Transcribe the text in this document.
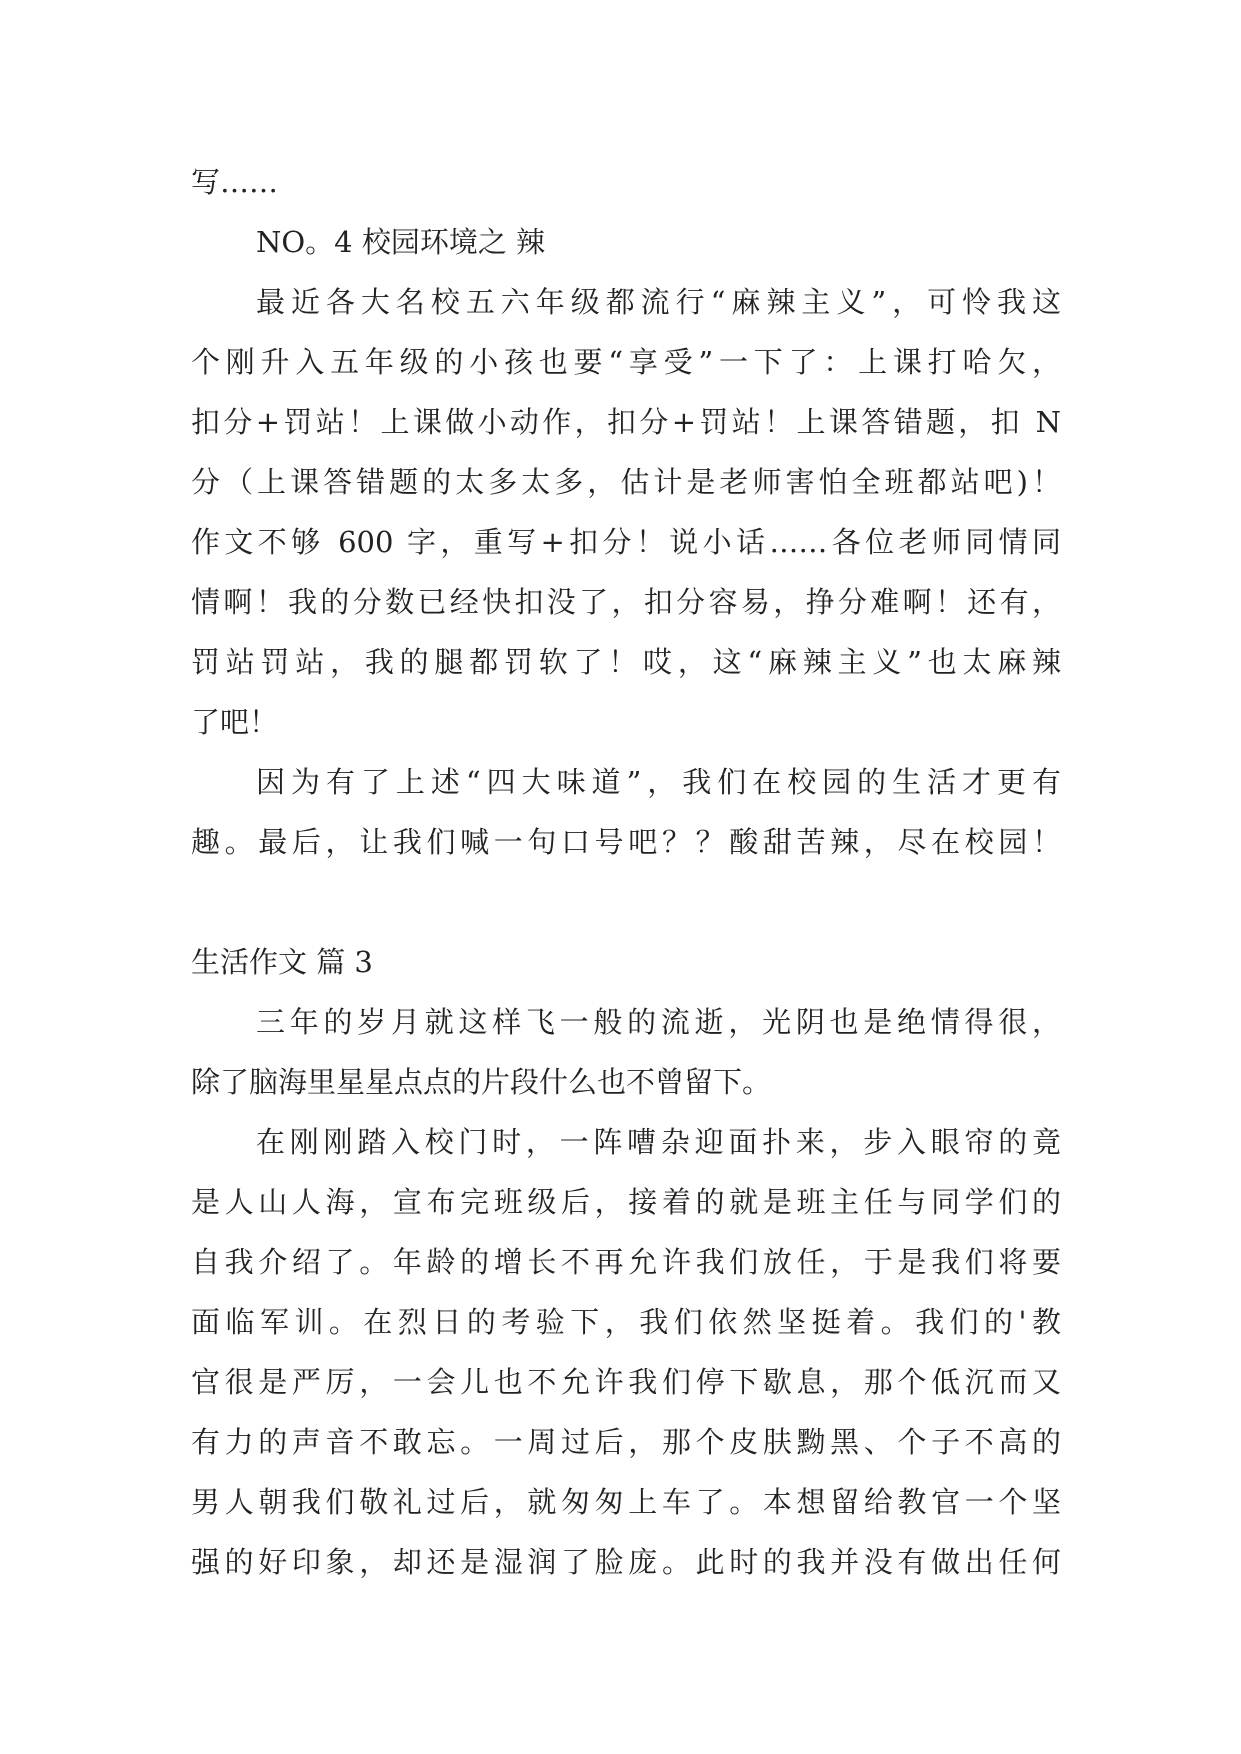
写……
NO。4 校园环境之 辣
最近各大名校五六年级都流行“麻辣主义”，可怜我这
个刚升入五年级的小孩也要“享受”一下了：上课打哈欠，
扣分+罚站！上课做小动作，扣分+罚站！上课答错题，扣 N
分（上课答错题的太多太多，估计是老师害怕全班都站吧)！
作文不够 600 字，重写+扣分！说小话……各位老师同情同
情啊！我的分数已经快扣没了，扣分容易，挣分难啊！还有，
罚站罚站，我的腿都罚软了！哎，这“麻辣主义”也太麻辣
了吧！
因为有了上述“四大味道”，我们在校园的生活才更有
趣。最后，让我们喊一句口号吧？？酸甜苦辣，尽在校园！
生活作文 篇 3
三年的岁月就这样飞一般的流逝，光阴也是绝情得很，
除了脑海里星星点点的片段什么也不曾留下。
在刚刚踏入校门时，一阵嘈杂迎面扑来，步入眼帘的竟
是人山人海，宣布完班级后，接着的就是班主任与同学们的
自我介绍了。年龄的增长不再允许我们放任，于是我们将要
面临军训。在烈日的考验下，我们依然坚挺着。我们的'教
官很是严厉，一会儿也不允许我们停下歇息，那个低沉而又
有力的声音不敢忘。一周过后，那个皮肤黝黑、个子不高的
男人朝我们敬礼过后，就匆匆上车了。本想留给教官一个坚
强的好印象，却还是湿润了脸庞。此时的我并没有做出任何
